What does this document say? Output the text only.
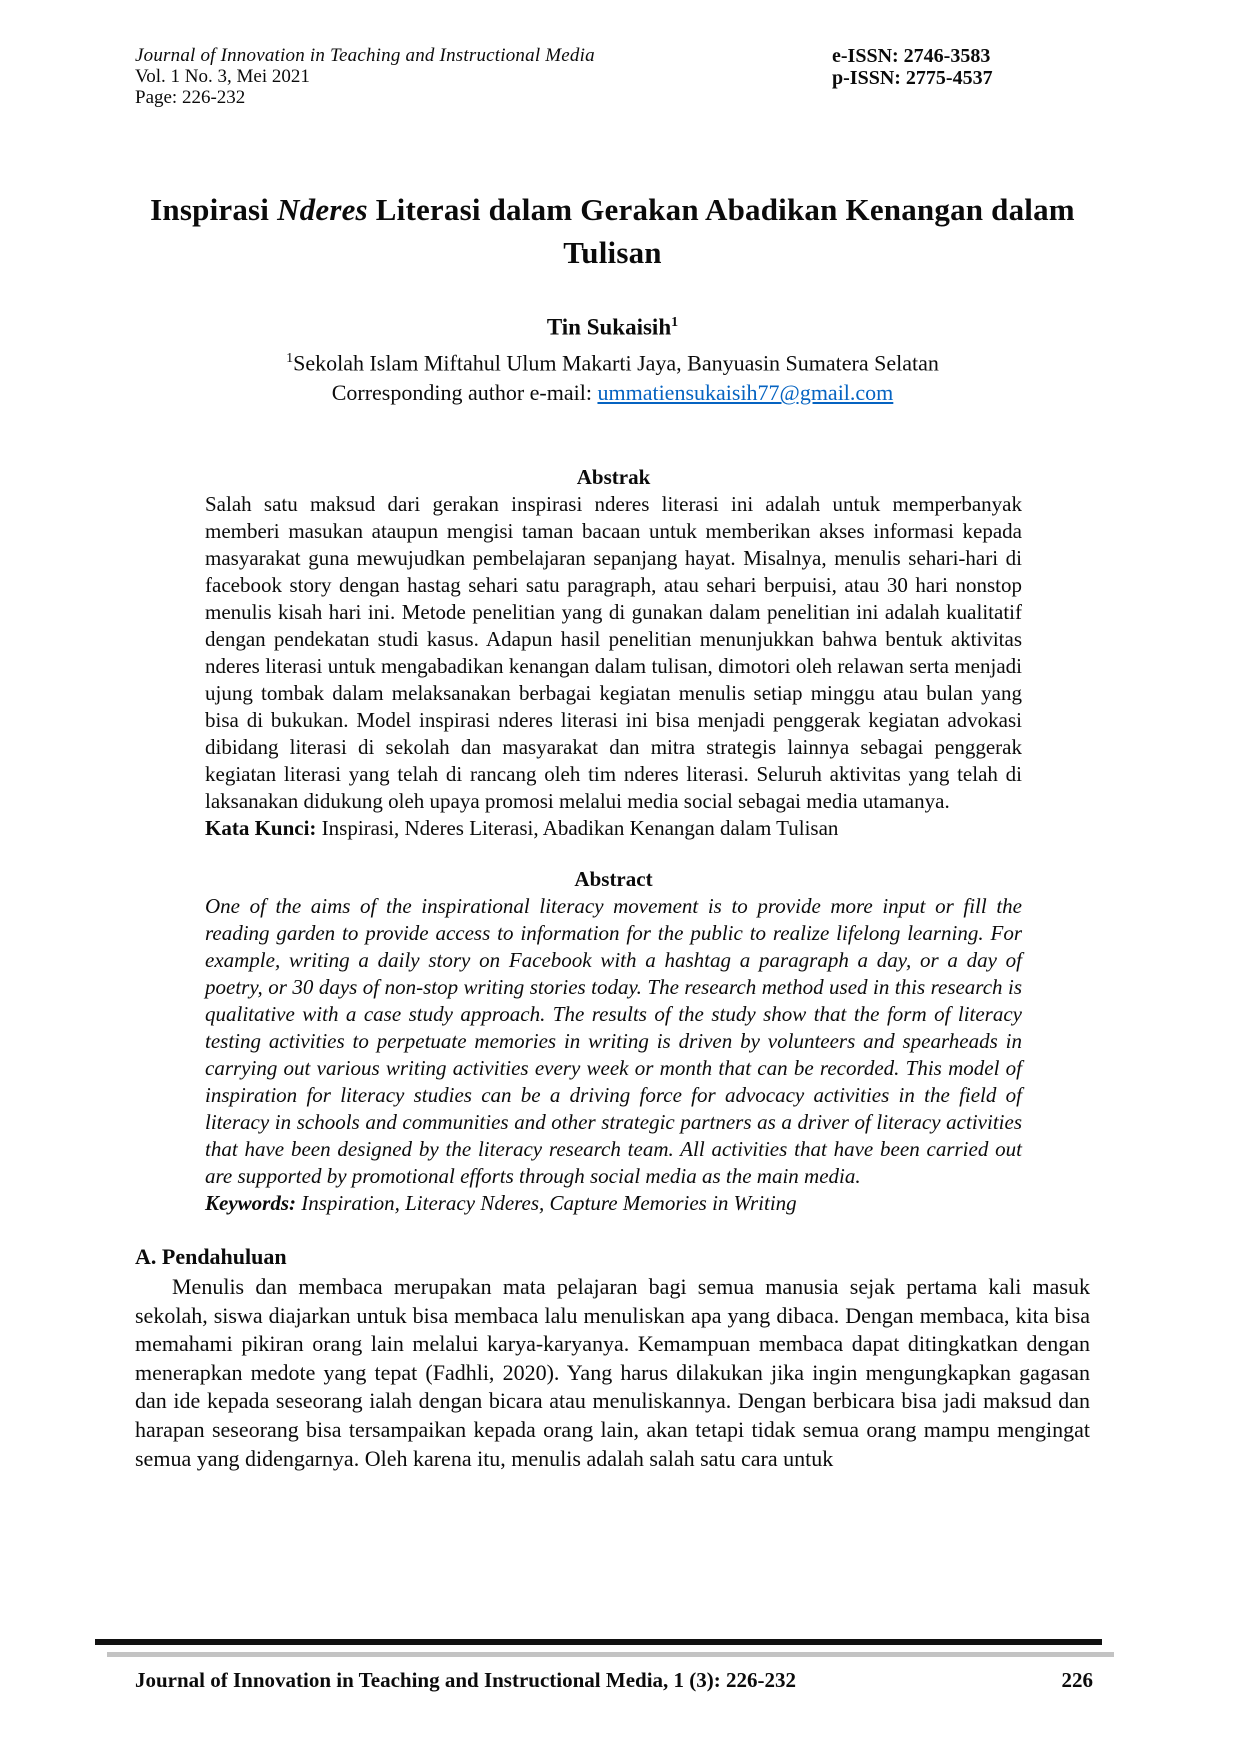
Journal of Innovation in Teaching and Instructional Media
Vol. 1 No. 3, Mei 2021
Page: 226-232
e-ISSN: 2746-3583
p-ISSN: 2775-4537
Inspirasi Nderes Literasi dalam Gerakan Abadikan Kenangan dalam Tulisan
Tin Sukaisih$^1$
$^1$Sekolah Islam Miftahul Ulum Makarti Jaya, Banyuasin Sumatera Selatan
Corresponding author e-mail: ummatiensukaisih77@gmail.com
Abstrak

Salah satu maksud dari gerakan inspirasi nderes literasi ini adalah untuk memperbanyak memberi masukan ataupun mengisi taman bacaan untuk memberikan akses informasi kepada masyarakat guna mewujudkan pembelajaran sepanjang hayat. Misalnya, menulis sehari-hari di facebook story dengan hastag sehari satu paragraph, atau sehari berpuisi, atau 30 hari nonstop menulis kisah hari ini. Metode penelitian yang di gunakan dalam penelitian ini adalah kualitatif dengan pendekatan studi kasus. Adapun hasil penelitian menunjukkan bahwa bentuk aktivitas nderes literasi untuk mengabadikan kenangan dalam tulisan, dimotori oleh relawan serta menjadi ujung tombak dalam melaksanakan berbagai kegiatan menulis setiap minggu atau bulan yang bisa di bukukan. Model inspirasi nderes literasi ini bisa menjadi penggerak kegiatan advokasi dibidang literasi di sekolah dan masyarakat dan mitra strategis lainnya sebagai penggerak kegiatan literasi yang telah di rancang oleh tim nderes literasi. Seluruh aktivitas yang telah di laksanakan didukung oleh upaya promosi melalui media social sebagai media utamanya.

Kata Kunci: Inspirasi, Nderes Literasi, Abadikan Kenangan dalam Tulisan

Abstract

One of the aims of the inspirational literacy movement is to provide more input or fill the reading garden to provide access to information for the public to realize lifelong learning. For example, writing a daily story on Facebook with a hashtag a paragraph a day, or a day of poetry, or 30 days of non-stop writing stories today. The research method used in this research is qualitative with a case study approach. The results of the study show that the form of literacy testing activities to perpetuate memories in writing is driven by volunteers and spearheads in carrying out various writing activities every week or month that can be recorded. This model of inspiration for literacy studies can be a driving force for advocacy activities in the field of literacy in schools and communities and other strategic partners as a driver of literacy activities that have been designed by the literacy research team. All activities that have been carried out are supported by promotional efforts through social media as the main media.

Keywords: Inspiration, Literacy Nderes, Capture Memories in Writing

A. Pendahuluan

Menulis dan membaca merupakan mata pelajaran bagi semua manusia sejak pertama kali masuk sekolah, siswa diajarkan untuk bisa membaca lalu menuliskan apa yang dibaca. Dengan membaca, kita bisa memahami pikiran orang lain melalui karya-karyanya. Kemampuan membaca dapat ditingkatkan dengan menerapkan medote yang tepat (Fadhli, 2020). Yang harus dilakukan jika ingin mengungkapkan gagasan dan ide kepada seseorang ialah dengan bicara atau menuliskannya. Dengan berbicara bisa jadi maksud dan harapan seseorang bisa tersampaikan kepada orang lain, akan tetapi tidak semua orang mampu mengingat semua yang didengarnya. Oleh karena itu, menulis adalah salah satu cara untuk

Journal of Innovation in Teaching and Instructional Media, 1 (3): 226-232	226
